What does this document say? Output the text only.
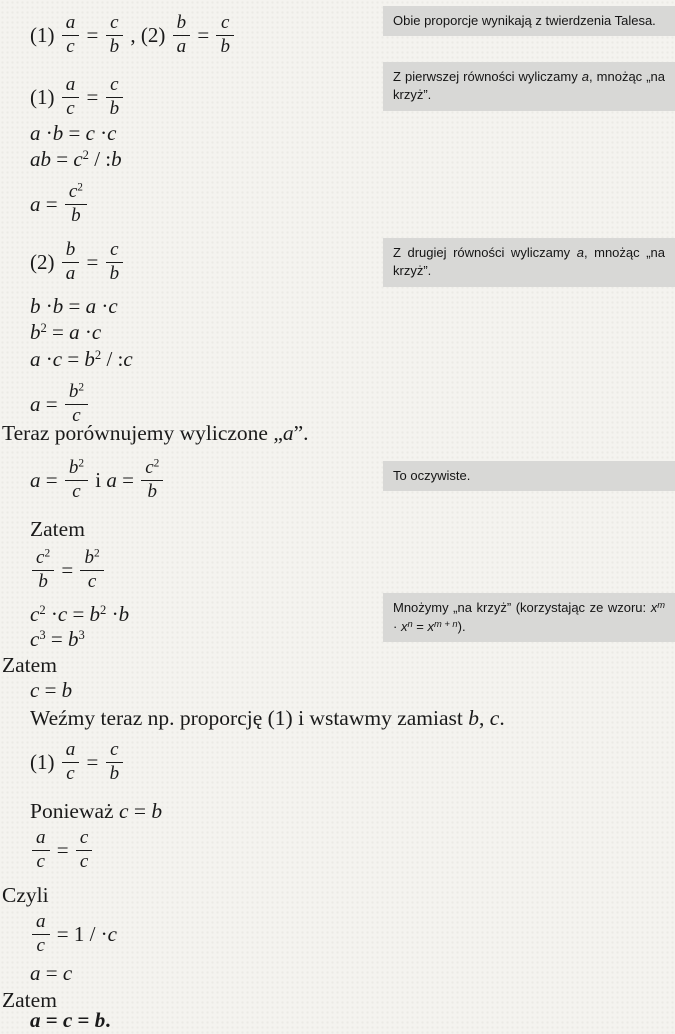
$(1) \frac{a}{c} = \frac{c}{b}$ , $(2) \frac{b}{a} = \frac{c}{b}$
$(1) \frac{a}{c} = \frac{c}{b}$
a ·b = c ·c
ab = $c^2$ / :b
$a = \frac{c^2}{b}$
$(2) \frac{b}{a} = \frac{c}{b}$
b ·b = a ·c
$b^2 = a \cdot c$
$a \cdot c = b^2$ / :c
$a = \frac{b^2}{c}$
Teraz porównujemy wyliczone „a”.
$a = \frac{b^2}{c}$ i $a = \frac{c^2}{b}$
Zatem
$\frac{c^2}{b} = \frac{b^2}{c}$
$c^2 \cdot c = b^2 \cdot b$
$c^3 = b^3$
Zatem
c = b
Weźmy teraz np. proporcję (1) i wstawmy zamiast b, c.
$(1) \frac{a}{c} = \frac{c}{b}$
Ponieważ c = b
$\frac{a}{c} = \frac{c}{c}$
Czyli
$\frac{a}{c} = 1 / \cdot c$
a = c
Zatem
a = c = b.
Obie proporcje wynikają z twierdzenia Talesa.
Z pierwszej równości wyliczamy a, mnożąc „na krzyż”.
Z drugiej równości wyliczamy a, mnożąc „na krzyż”.
To oczywiste.
Mnożymy „na krzyż” (korzystając ze wzoru: $x^m \cdot x^n = x^{m + n}$).
